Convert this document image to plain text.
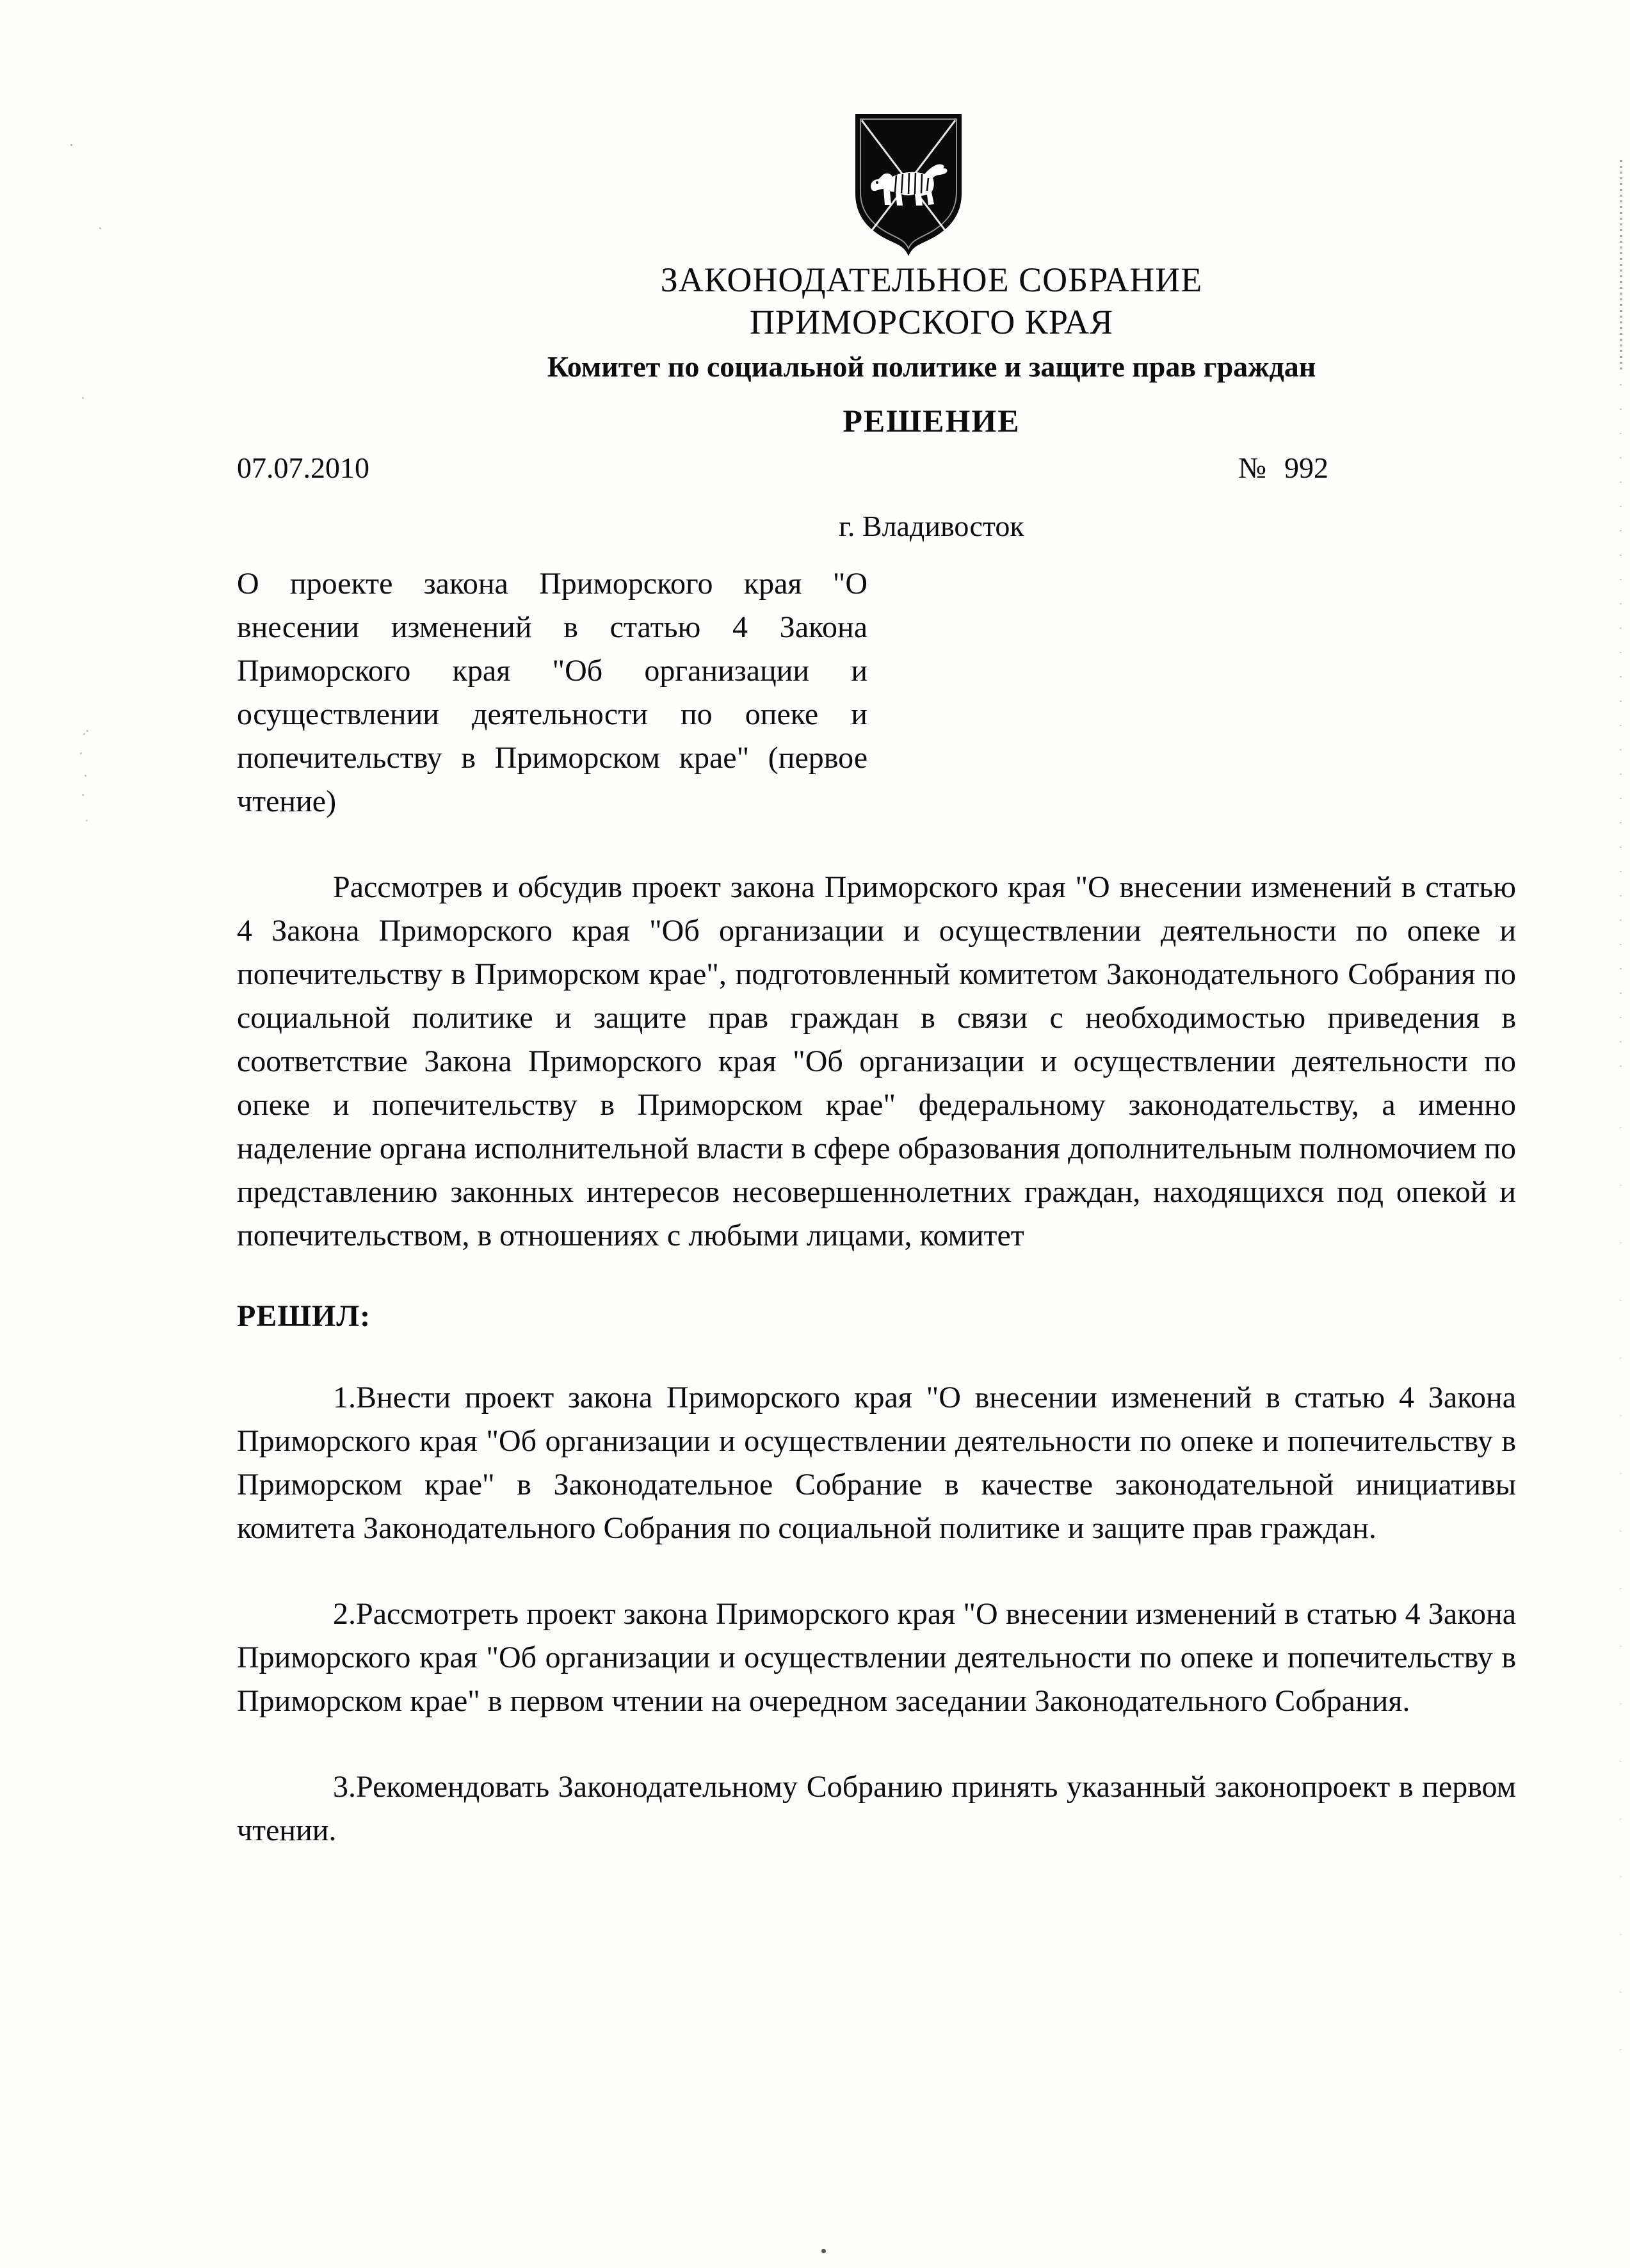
ЗАКОНОДАТЕЛЬНОЕ СОБРАНИЕ
ПРИМОРСКОГО КРАЯ
Комитет по социальной политике и защите прав граждан
РЕШЕНИЕ
07.07.2010	№ 992
г. Владивосток
О проекте закона Приморского края "О внесении изменений в статью 4 Закона Приморского края "Об организации и осуществлении деятельности по опеке и попечительству в Приморском крае" (первое чтение)

Рассмотрев и обсудив проект закона Приморского края "О внесении изменений в статью 4 Закона Приморского края "Об организации и осуществлении деятельности по опеке и попечительству в Приморском крае", подготовленный комитетом Законодательного Собрания по социальной политике и защите прав граждан в связи с необходимостью приведения в соответствие Закона Приморского края "Об организации и осуществлении деятельности по опеке и попечительству в Приморском крае" федеральному законодательству, а именно наделение органа исполнительной власти в сфере образования дополнительным полномочием по представлению законных интересов несовершеннолетних граждан, находящихся под опекой и попечительством, в отношениях с любыми лицами, комитет

РЕШИЛ:

1.Внести проект закона Приморского края "О внесении изменений в статью 4 Закона Приморского края "Об организации и осуществлении деятельности по опеке и попечительству в Приморском крае" в Законодательное Собрание в качестве законодательной инициативы комитета Законодательного Собрания по социальной политике и защите прав граждан.

2.Рассмотреть проект закона Приморского края "О внесении изменений в статью 4 Закона Приморского края "Об организации и осуществлении деятельности по опеке и попечительству в Приморском крае" в первом чтении на очередном заседании Законодательного Собрания.

3.Рекомендовать Законодательному Собранию принять указанный законопроект в первом чтении.
